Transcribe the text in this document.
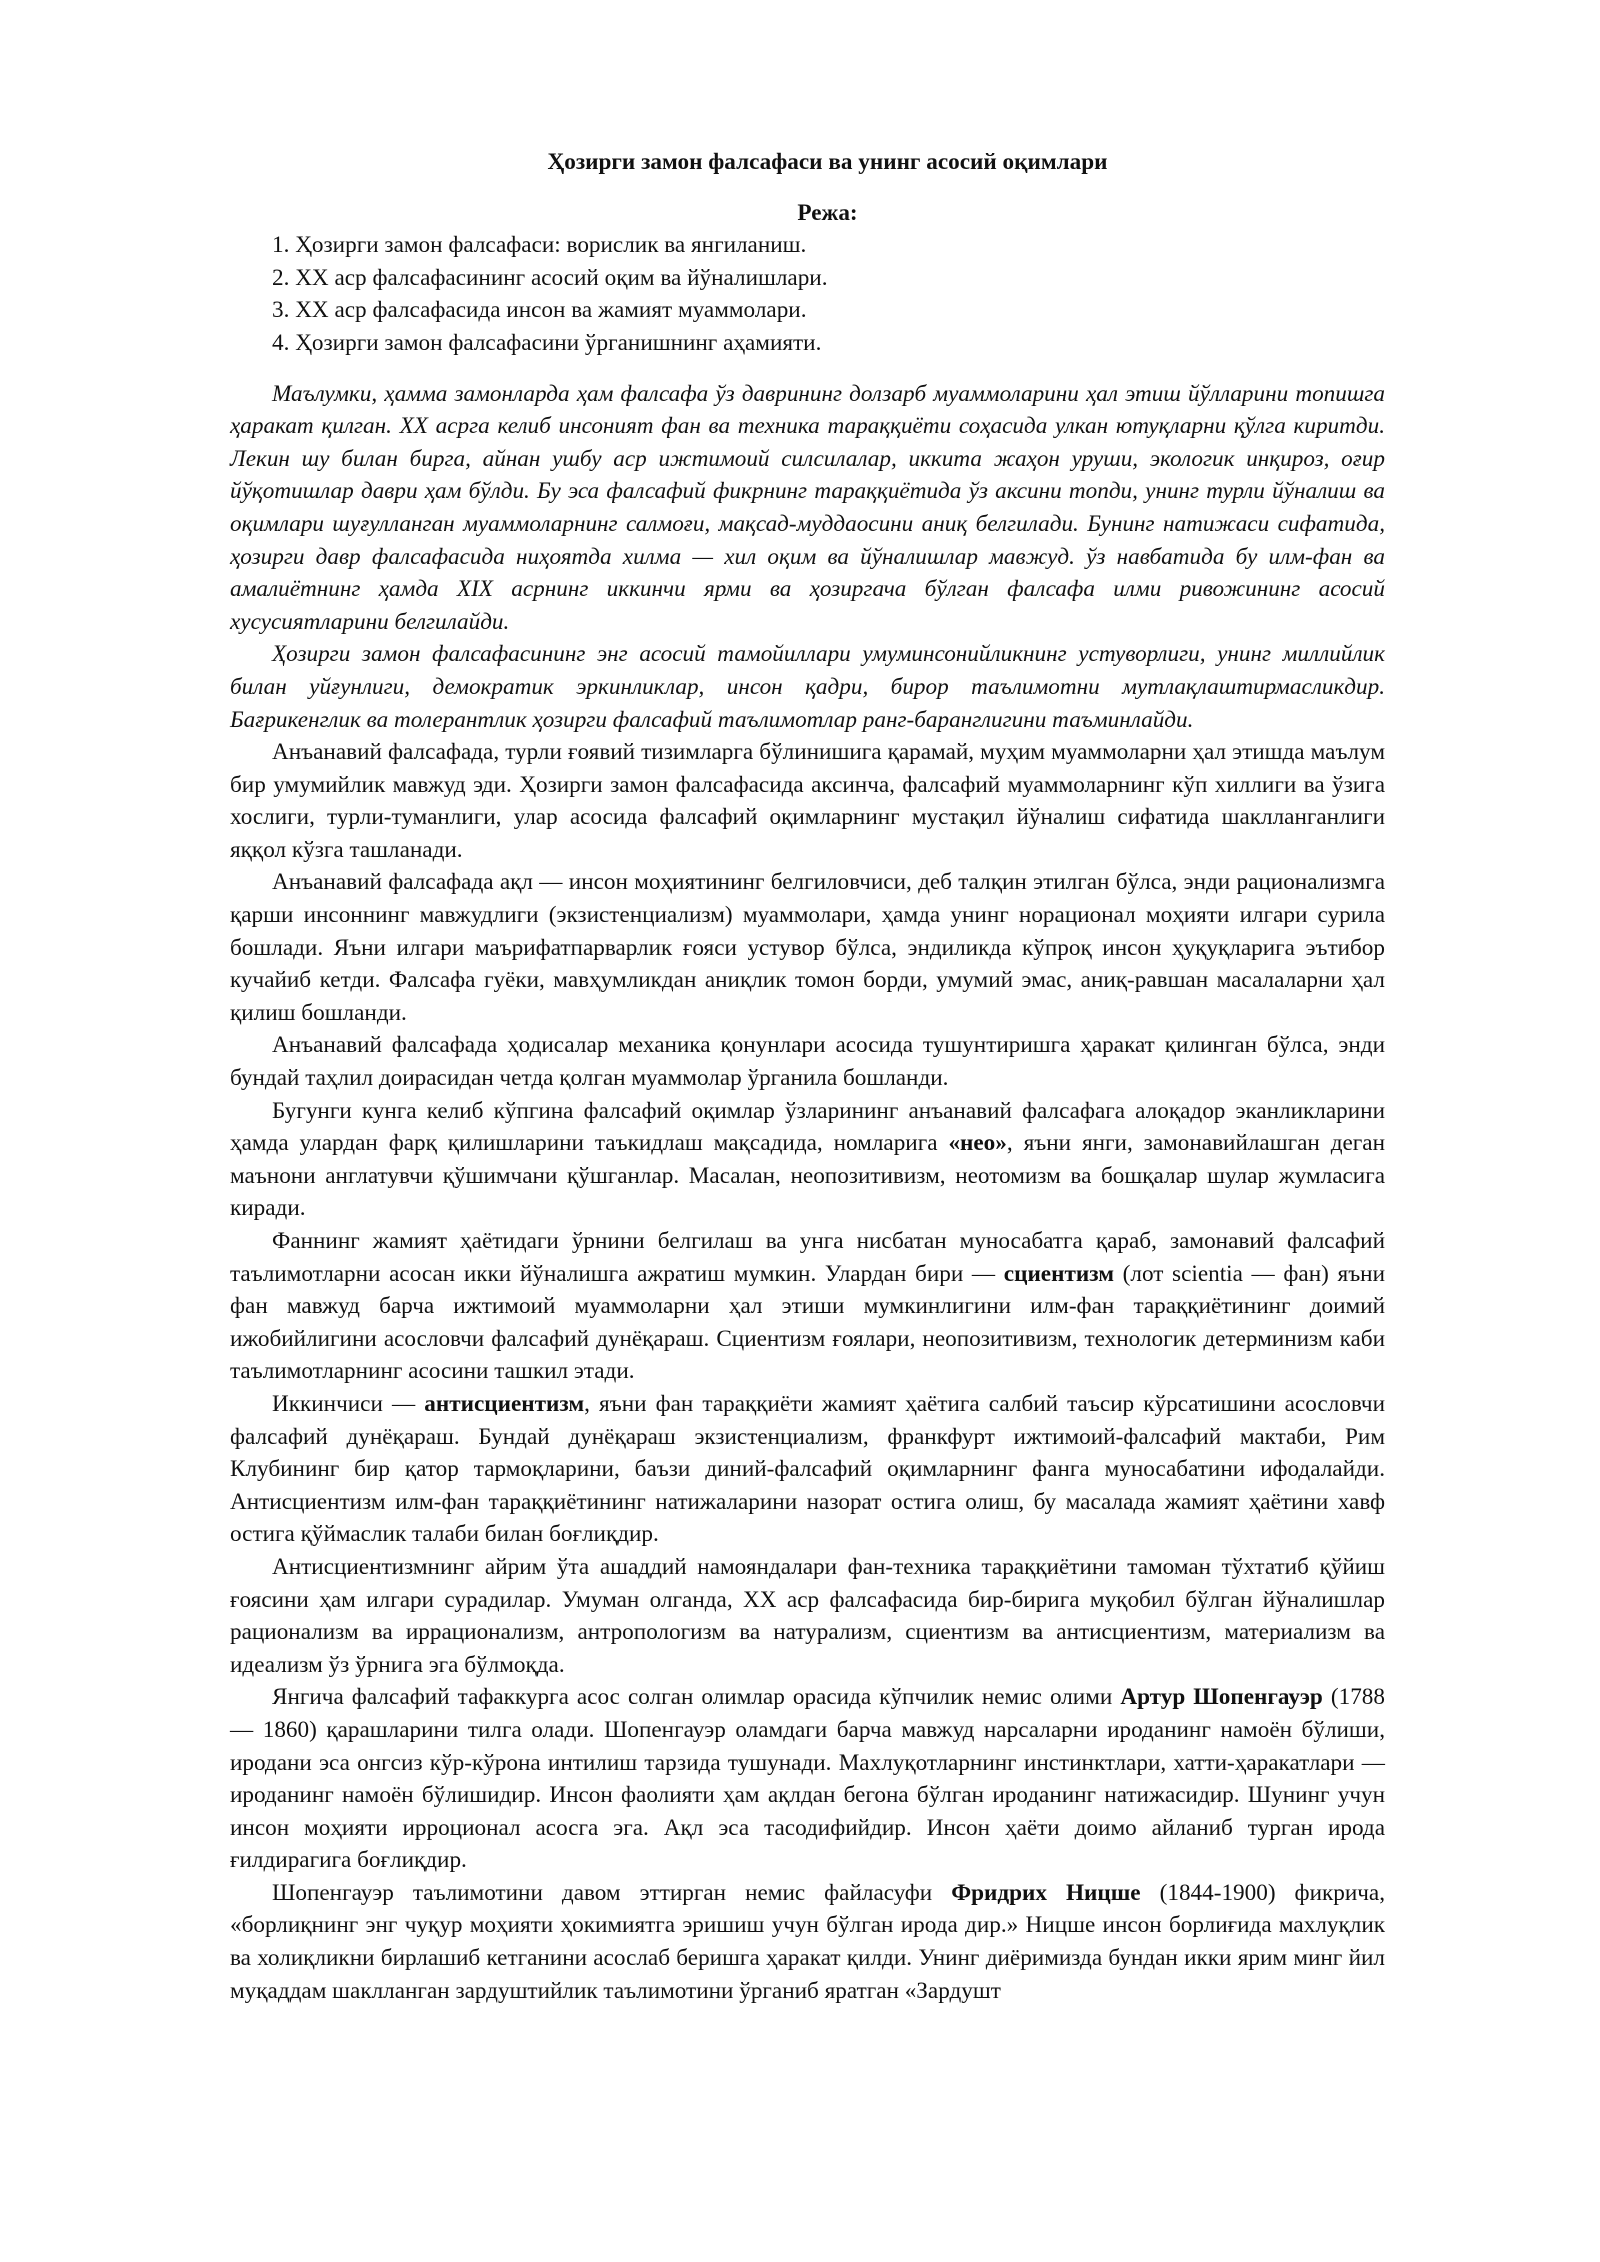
Ҳозирги замон фалсафаси ва унинг асосий оқимлари
Режа:
1. Ҳозирги замон фалсафаси: ворислик ва янгиланиш.
2. ХХ аср фалсафасининг асосий оқим ва йўналишлари.
3. ХХ аср фалсафасида инсон ва жамият муаммолари.
4. Ҳозирги замон фалсафасини ўрганишнинг аҳамияти.

Маълумки, ҳамма замонларда ҳам фалсафа ўз даврининг долзарб муаммоларини ҳал этиш йўлларини топишга ҳаракат қилган. XX асрга келиб инсоният фан ва техника тараққиёти соҳасида улкан ютуқларни қўлга киритди. Лекин шу билан бирга, айнан ушбу аср ижтимоий силсилалар, иккита жаҳон уруши, экологик инқироз, оғир йўқотишлар даври ҳам бўлди. Бу эса фалсафий фикрнинг тараққиётида ўз аксини топди, унинг турли йўналиш ва оқимлари шуғулланган муаммоларнинг салмоғи, мақсад-муддаосини аниқ белгилади. Бунинг натижаси сифатида, ҳозирги давр фалсафасида ниҳоятда хилма — хил оқим ва йўналишлар мавжуд. ўз навбатида бу илм-фан ва амалиётнинг ҳамда XIX асрнинг иккинчи ярми ва ҳозиргача бўлган фалсафа илми ривожининг асосий хусусиятларини белгилайди.

Ҳозирги замон фалсафасининг энг асосий тамойиллари умуминсонийликнинг устуворлиги, унинг миллийлик билан уйғунлиги, демократик эркинликлар, инсон қадри, бирор таълимотни мутлақлаштирмасликдир. Бағрикенглик ва толерантлик ҳозирги фалсафий таълимотлар ранг-баранглигини таъминлайди.

Анъанавий фалсафада, турли ғоявий тизимларга бўлинишига қарамай, муҳим муаммоларни ҳал этишда маълум бир умумийлик мавжуд эди. Ҳозирги замон фалсафасида аксинча, фалсафий муаммоларнинг кўп хиллиги ва ўзига хослиги, турли-туманлиги, улар асосида фалсафий оқимларнинг мустақил йўналиш сифатида шаклланганлиги яққол кўзга ташланади.

Анъанавий фалсафада ақл — инсон моҳиятининг белгиловчиси, деб талқин этилган бўлса, энди рационализмга қарши инсоннинг мавжудлиги (экзистенциализм) муаммолари, ҳамда унинг норационал моҳияти илгари сурила бошлади. Яъни илгари маърифатпарварлик ғояси устувор бўлса, эндиликда кўпроқ инсон ҳуқуқларига эътибор кучайиб кетди. Фалсафа гуёки, мавҳумликдан аниқлик томон борди, умумий эмас, аниқ-равшан масалаларни ҳал қилиш бошланди.

Анъанавий фалсафада ҳодисалар механика қонунлари асосида тушунтиришга ҳаракат қилинган бўлса, энди бундай таҳлил доирасидан четда қолган муаммолар ўрганила бошланди.

Бугунги кунга келиб кўпгина фалсафий оқимлар ўзларининг анъанавий фалсафага алоқадор эканликларини ҳамда улардан фарқ қилишларини таъкидлаш мақсадида, номларига «нео», яъни янги, замонавийлашган деган маънони англатувчи қўшимчани қўшганлар. Масалан, неопозитивизм, неотомизм ва бошқалар шулар жумласига киради.

Фаннинг жамият ҳаётидаги ўрнини белгилаш ва унга нисбатан муносабатга қараб, замонавий фалсафий таълимотларни асосан икки йўналишга ажратиш мумкин. Улардан бири — сциентизм (лот scientia — фан) яъни фан мавжуд барча ижтимоий муаммоларни ҳал этиши мумкинлигини илм-фан тараққиётининг доимий ижобийлигини асословчи фалсафий дунёқараш. Сциентизм ғоялари, неопозитивизм, технологик детерминизм каби таълимотларнинг асосини ташкил этади.

Иккинчиси — антисциентизм, яъни фан тараққиёти жамият ҳаётига салбий таъсир кўрсатишини асословчи фалсафий дунёқараш. Бундай дунёқараш экзистенциализм, франкфурт ижтимоий-фалсафий мактаби, Рим Клубининг бир қатор тармоқларини, баъзи диний-фалсафий оқимларнинг фанга муносабатини ифодалайди. Антисциентизм илм-фан тараққиётининг натижаларини назорат остига олиш, бу масалада жамият ҳаётини хавф остига қўймаслик талаби билан боғлиқдир.

Антисциентизмнинг айрим ўта ашаддий намояндалари фан-техника тараққиётини тамоман тўхтатиб қўйиш ғоясини ҳам илгари сурадилар. Умуман олганда, XX аср фалсафасида бир-бирига муқобил бўлган йўналишлар рационализм ва иррационализм, антропологизм ва натурализм, сциентизм ва антисциентизм, материализм ва идеализм ўз ўрнига эга бўлмоқда.

Янгича фалсафий тафаккурга асос солган олимлар орасида кўпчилик немис олими Артур Шопенгауэр (1788 — 1860) қарашларини тилга олади. Шопенгауэр оламдаги барча мавжуд нарсаларни ироданинг намоён бўлиши, иродани эса онгсиз кўр-кўрона интилиш тарзида тушунади. Махлуқотларнинг инстинктлари, хатти-ҳаракатлари — ироданинг намоён бўлишидир. Инсон фаолияти ҳам ақлдан бегона бўлган ироданинг натижасидир. Шунинг учун инсон моҳияти ирроционал асосга эга. Ақл эса тасодифийдир. Инсон ҳаёти доимо айланиб турган ирода ғилдирагига боғлиқдир.

Шопенгауэр таълимотини давом эттирган немис файласуфи Фридрих Ницше (1844-1900) фикрича, «борлиқнинг энг чуқур моҳияти ҳокимиятга эришиш учун бўлган ирода дир.» Ницше инсон борлиғида махлуқлик ва холиқликни бирлашиб кетганини асослаб беришга ҳаракат қилди. Унинг диёримизда бундан икки ярим минг йил муқаддам шаклланган зардуштийлик таълимотини ўрганиб яратган «Зардушт
